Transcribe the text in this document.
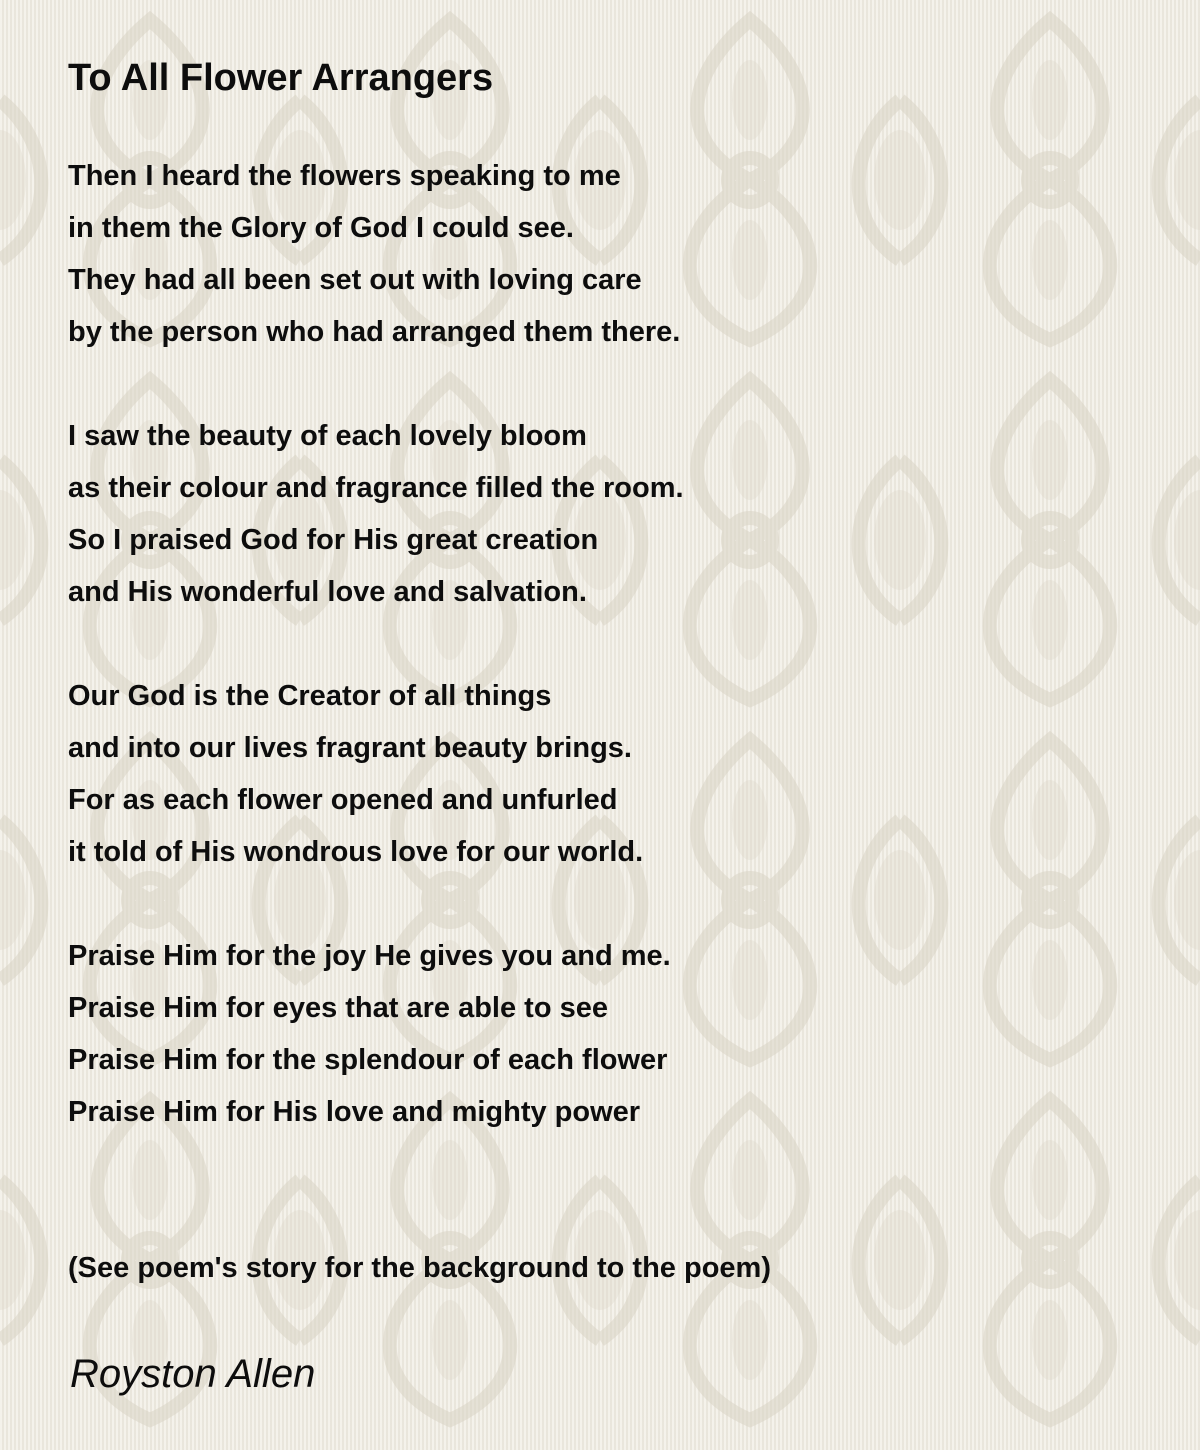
To All Flower Arrangers
Then I heard the flowers speaking to me
in them the Glory of God I could see.
They had all been set out with loving care
by the person who had arranged them there.
I saw the beauty of each lovely bloom
as their colour and fragrance filled the room.
So I praised God for His great creation
and His wonderful love and salvation.
Our God is the Creator of all things
and into our lives fragrant beauty brings.
For as each flower opened and unfurled
it told of His wondrous love for our world.
Praise Him for the joy He gives you and me.
Praise Him for eyes that are able to see
Praise Him for the splendour of each flower
Praise Him for His love and mighty power

(See poem's story for the background to the poem)

Royston Allen
